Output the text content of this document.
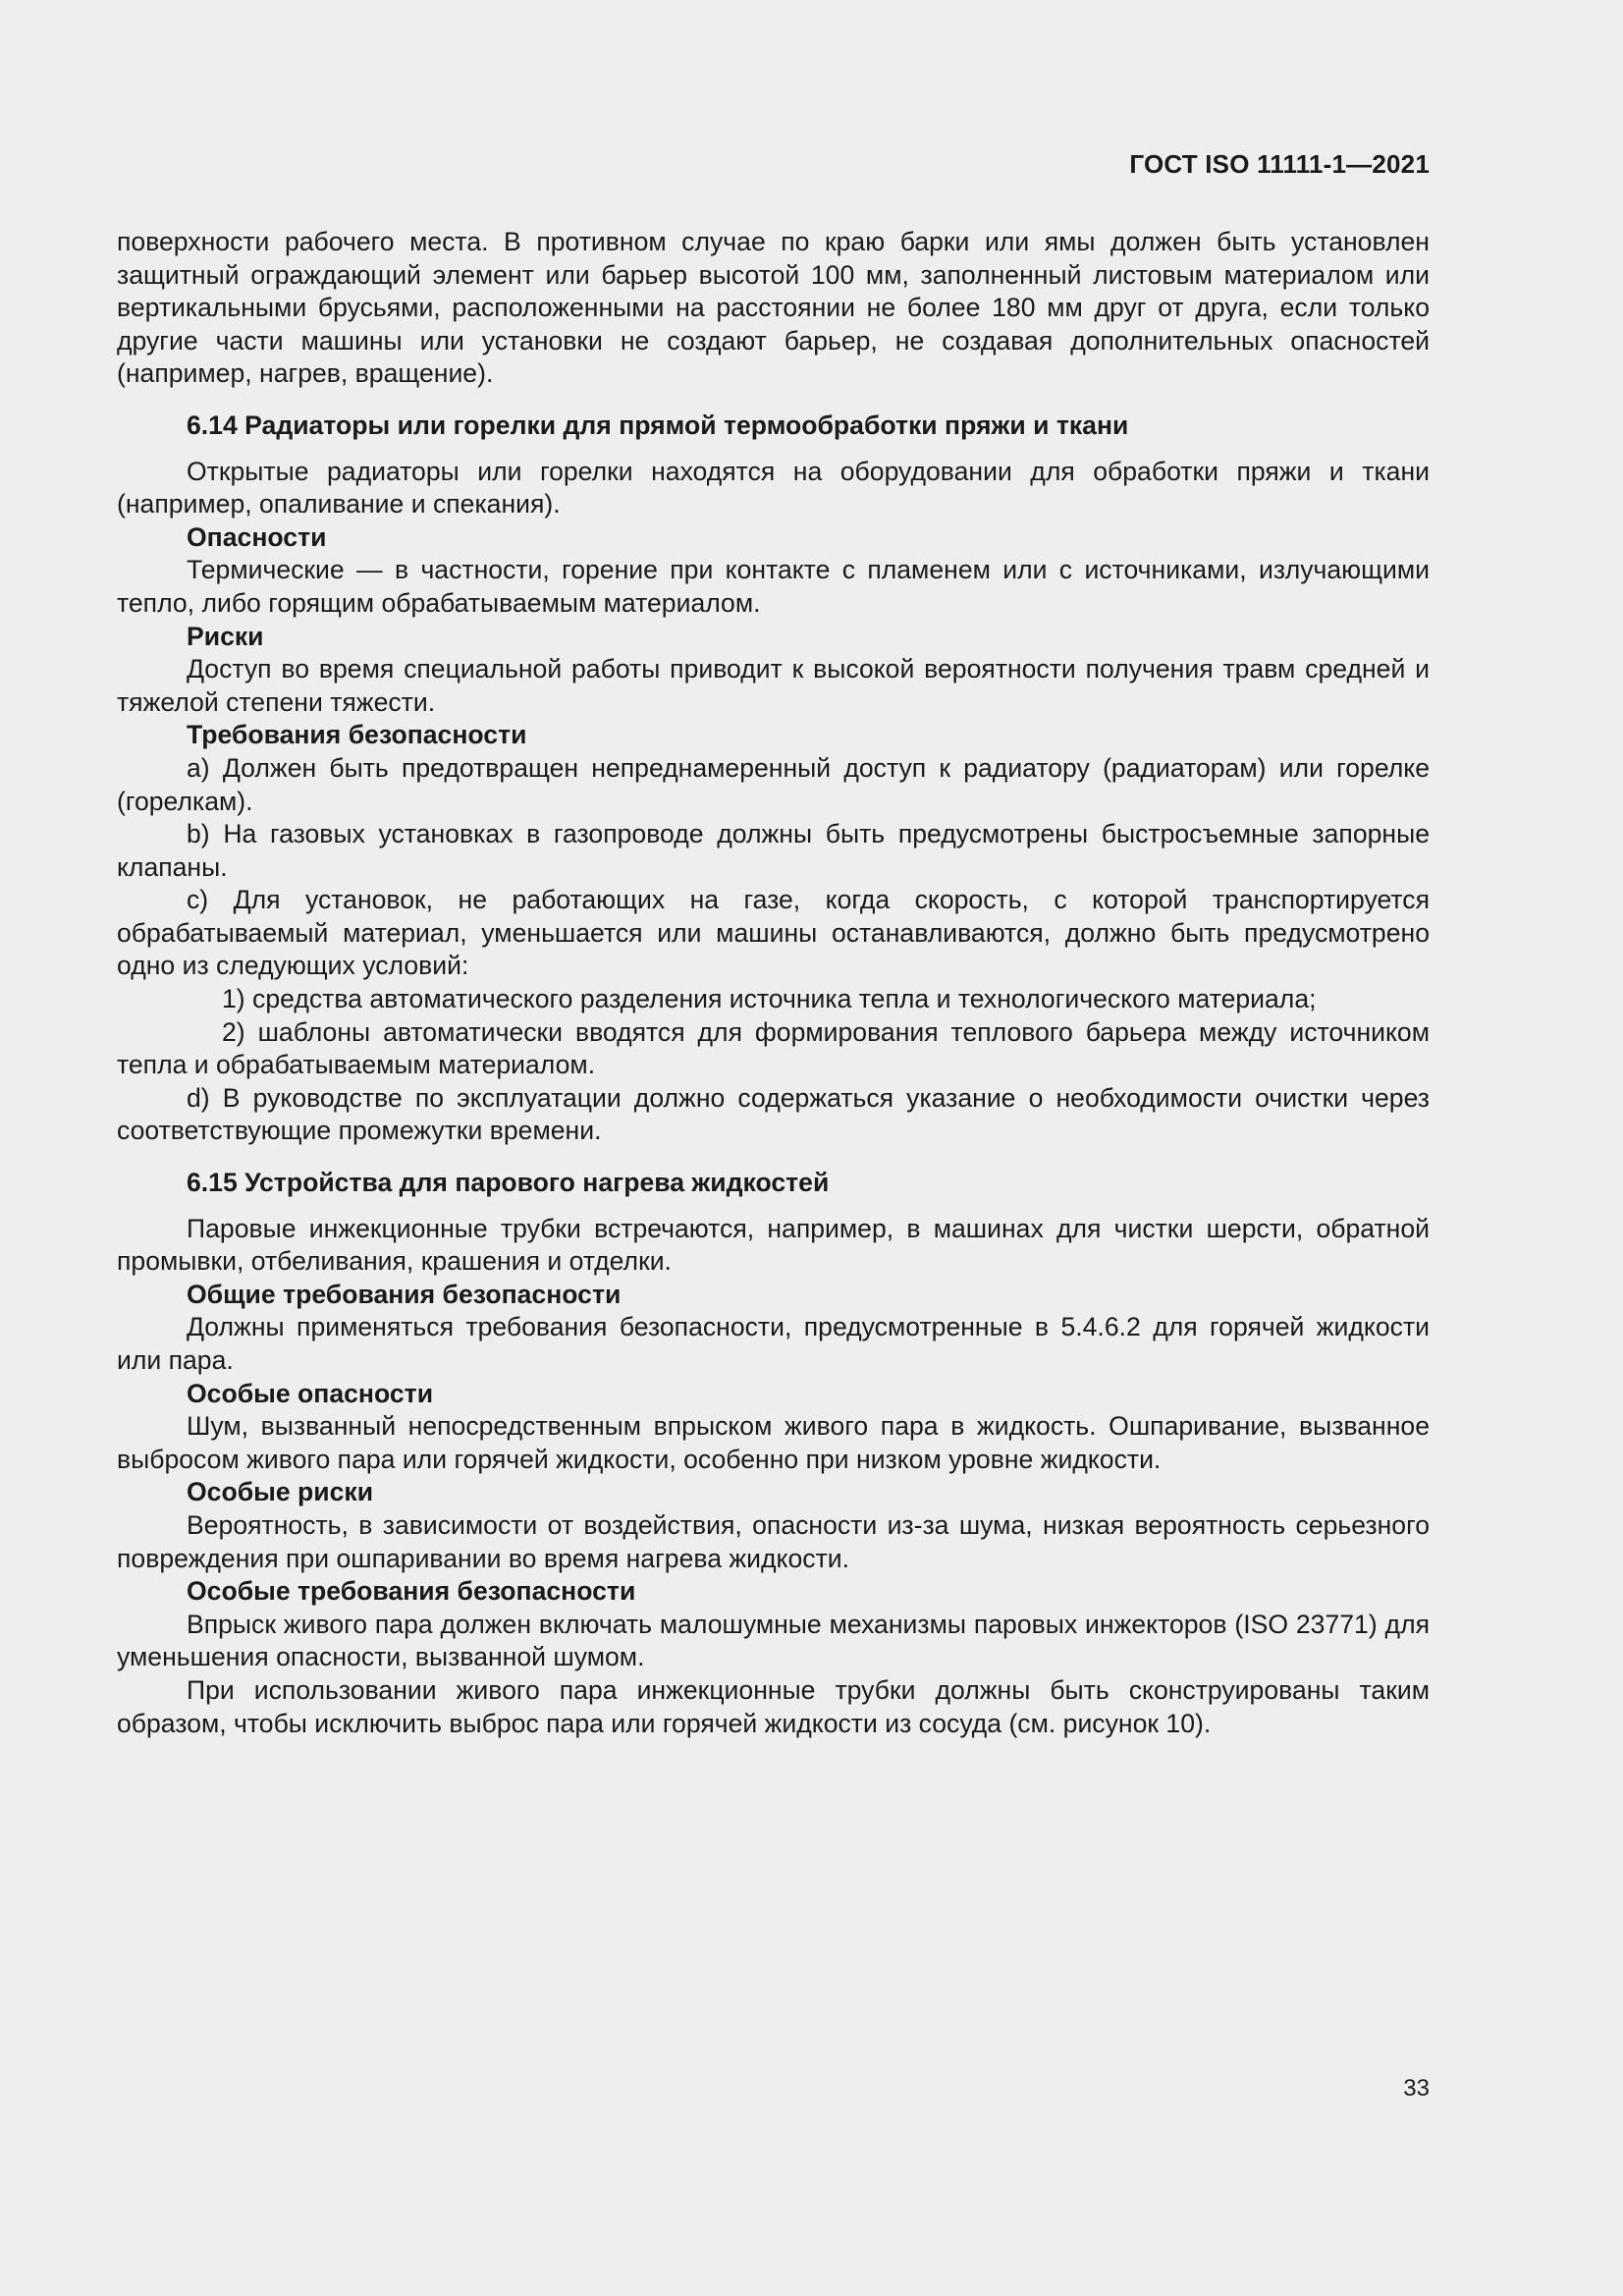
ГОСТ ISO 11111-1—2021

поверхности рабочего места. В противном случае по краю барки или ямы должен быть установлен защитный ограждающий элемент или барьер высотой 100 мм, заполненный листовым материалом или вертикальными брусьями, расположенными на расстоянии не более 180 мм друг от друга, если только другие части машины или установки не создают барьер, не создавая дополнительных опасностей (например, нагрев, вращение).

6.14 Радиаторы или горелки для прямой термообработки пряжи и ткани

Открытые радиаторы или горелки находятся на оборудовании для обработки пряжи и ткани (например, опаливание и спекания).

Опасности

Термические — в частности, горение при контакте с пламенем или с источниками, излучающими тепло, либо горящим обрабатываемым материалом.

Риски

Доступ во время специальной работы приводит к высокой вероятности получения травм средней и тяжелой степени тяжести.

Требования безопасности

a) Должен быть предотвращен непреднамеренный доступ к радиатору (радиаторам) или горелке (горелкам).

b) На газовых установках в газопроводе должны быть предусмотрены быстросъемные запорные клапаны.

c) Для установок, не работающих на газе, когда скорость, с которой транспортируется обрабатываемый материал, уменьшается или машины останавливаются, должно быть предусмотрено одно из следующих условий:

1) средства автоматического разделения источника тепла и технологического материала;

2) шаблоны автоматически вводятся для формирования теплового барьера между источником тепла и обрабатываемым материалом.

d) В руководстве по эксплуатации должно содержаться указание о необходимости очистки через соответствующие промежутки времени.

6.15 Устройства для парового нагрева жидкостей

Паровые инжекционные трубки встречаются, например, в машинах для чистки шерсти, обратной промывки, отбеливания, крашения и отделки.

Общие требования безопасности

Должны применяться требования безопасности, предусмотренные в 5.4.6.2 для горячей жидкости или пара.

Особые опасности

Шум, вызванный непосредственным впрыском живого пара в жидкость. Ошпаривание, вызванное выбросом живого пара или горячей жидкости, особенно при низком уровне жидкости.

Особые риски

Вероятность, в зависимости от воздействия, опасности из-за шума, низкая вероятность серьезного повреждения при ошпаривании во время нагрева жидкости.

Особые требования безопасности

Впрыск живого пара должен включать малошумные механизмы паровых инжекторов (ISO 23771) для уменьшения опасности, вызванной шумом.

При использовании живого пара инжекционные трубки должны быть сконструированы таким образом, чтобы исключить выброс пара или горячей жидкости из сосуда (см. рисунок 10).

33
